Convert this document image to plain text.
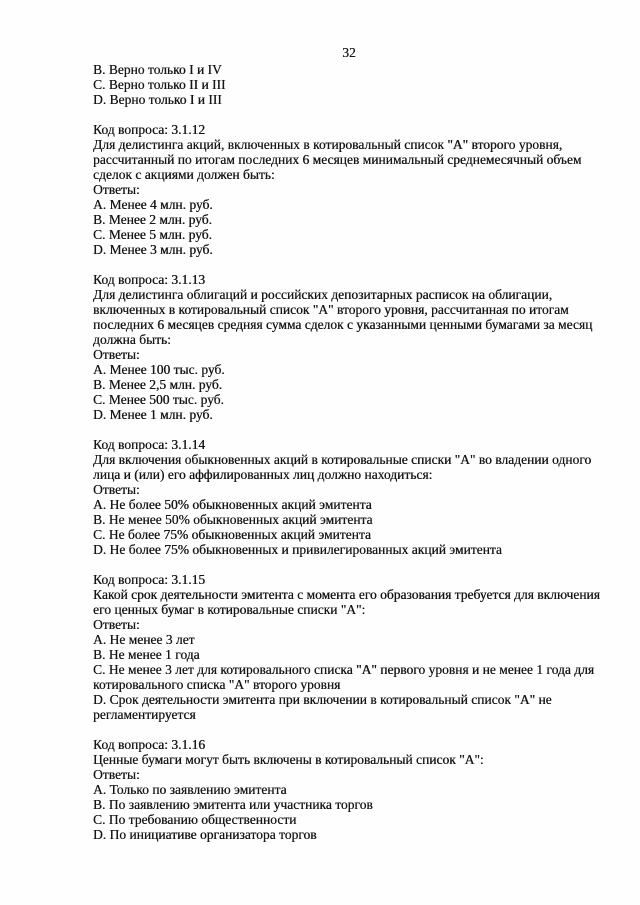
32
B. Верно только I и IV
C. Верно только II и III
D. Верно только I и III
Код вопроса: 3.1.12
Для делистинга акций, включенных в котировальный список "А" второго уровня,
рассчитанный по итогам последних 6 месяцев минимальный среднемесячный объем
сделок с акциями должен быть:
Ответы:
A. Менее 4 млн. руб.
B. Менее 2 млн. руб.
C. Менее 5 млн. руб.
D. Менее 3 млн. руб.
Код вопроса: 3.1.13
Для делистинга облигаций и российских депозитарных расписок на облигации,
включенных в котировальный список "А" второго уровня, рассчитанная по итогам
последних 6 месяцев средняя сумма сделок с указанными ценными бумагами за месяц
должна быть:
Ответы:
A. Менее 100 тыс. руб.
B. Менее 2,5 млн. руб.
C. Менее 500 тыс. руб.
D. Менее 1 млн. руб.
Код вопроса: 3.1.14
Для включения обыкновенных акций в котировальные списки "А" во владении одного
лица и (или) его аффилированных лиц должно находиться:
Ответы:
A. Не более 50% обыкновенных акций эмитента
B. Не менее 50% обыкновенных акций эмитента
C. Не более 75% обыкновенных акций эмитента
D. Не более 75% обыкновенных и привилегированных акций эмитента
Код вопроса: 3.1.15
Какой срок деятельности эмитента с момента его образования требуется для включения
его ценных бумаг в котировальные списки "А":
Ответы:
A. Не менее 3 лет
B. Не менее 1 года
C. Не менее 3 лет для котировального списка "А" первого уровня и не менее 1 года для
котировального списка "А" второго уровня
D. Срок деятельности эмитента при включении в котировальный список "А" не
регламентируется
Код вопроса: 3.1.16
Ценные бумаги могут быть включены в котировальный список "А":
Ответы:
A. Только по заявлению эмитента
B. По заявлению эмитента или участника торгов
C. По требованию общественности
D. По инициативе организатора торгов
